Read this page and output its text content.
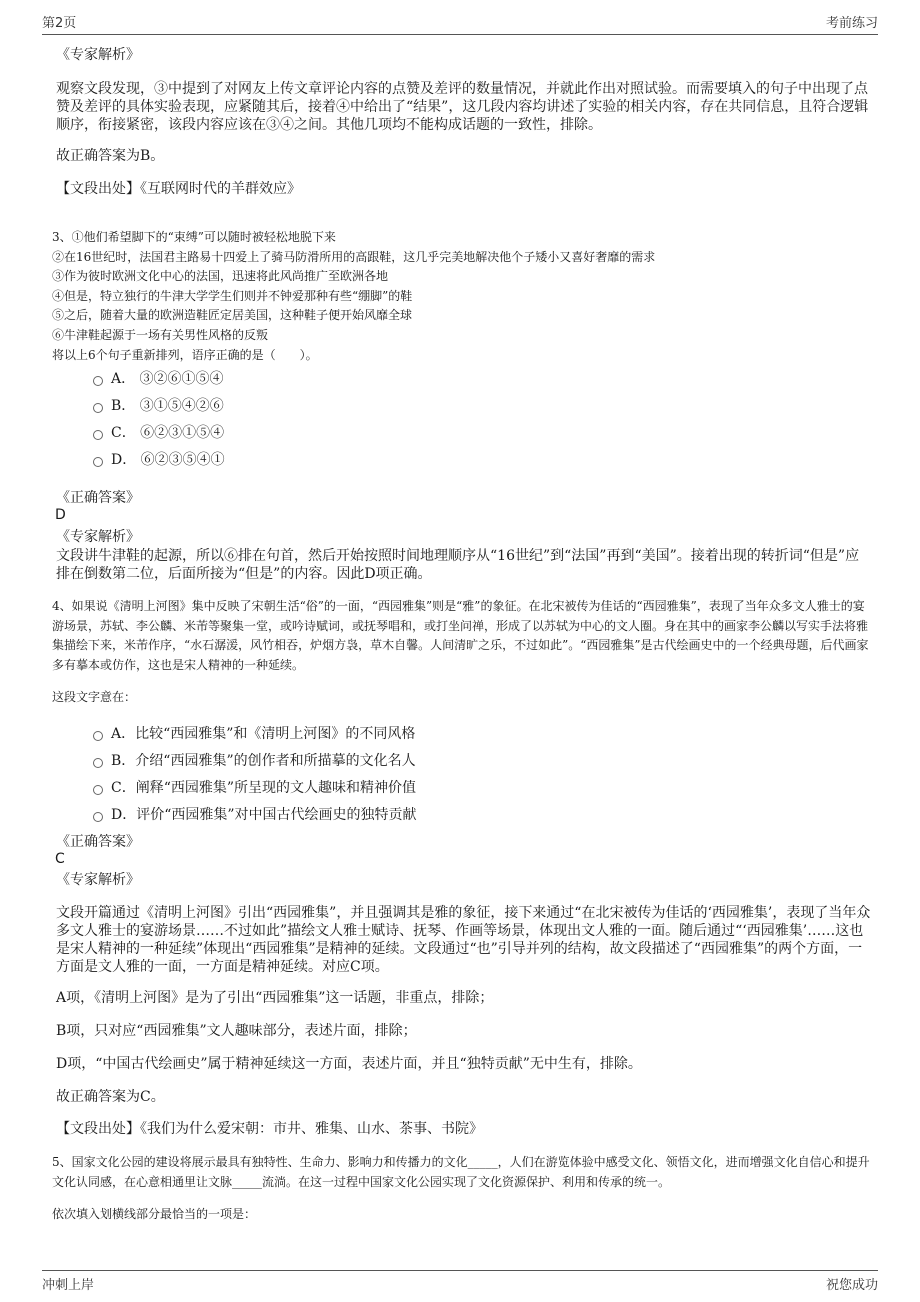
第2页	考前练习

《专家解析》

观察文段发现，③中提到了对网友上传文章评论内容的点赞及差评的数量情况，并就此作出对照试验。而需要填入的句子中出现了点赞及差评的具体实验表现，应紧随其后，接着④中给出了“结果”，这几段内容均讲述了实验的相关内容，存在共同信息，且符合逻辑顺序，衔接紧密，该段内容应该在③④之间。其他几项均不能构成话题的一致性，排除。

故正确答案为B。

【文段出处】《互联网时代的羊群效应》

3、①他们希望脚下的“束缚”可以随时被轻松地脱下来
②在16世纪时，法国君主路易十四爱上了骑马防滑所用的高跟鞋，这几乎完美地解决他个子矮小又喜好奢靡的需求
③作为彼时欧洲文化中心的法国，迅速将此风尚推广至欧洲各地
④但是，特立独行的牛津大学学生们则并不钟爱那种有些“绷脚”的鞋
⑤之后，随着大量的欧洲造鞋匠定居美国，这种鞋子便开始风靡全球
⑥牛津鞋起源于一场有关男性风格的反叛
将以上6个句子重新排列，语序正确的是（　　）。
A． ③②⑥①⑤④
B． ③①⑤④②⑥
C． ⑥②③①⑤④
D． ⑥②③⑤④①

《正确答案》

D

《专家解析》

文段讲牛津鞋的起源，所以⑥排在句首，然后开始按照时间地理顺序从“16世纪”到“法国”再到“美国”。接着出现的转折词“但是”应排在倒数第二位，后面所接为“但是”的内容。因此D项正确。

4、如果说《清明上河图》集中反映了宋朝生活“俗”的一面，“西园雅集”则是“雅”的象征。在北宋被传为佳话的“西园雅集”，表现了当年众多文人雅士的宴游场景，苏轼、李公麟、米芾等聚集一堂，或吟诗赋词，或抚琴唱和，或打坐问禅，形成了以苏轼为中心的文人圈。身在其中的画家李公麟以写实手法将雅集描绘下来，米芾作序，“水石潺湲，风竹相吞，炉烟方袅，草木自馨。人间清旷之乐，不过如此”。“西园雅集”是古代绘画史中的一个经典母题，后代画家多有摹本或仿作，这也是宋人精神的一种延续。

这段文字意在：

A．比较“西园雅集”和《清明上河图》的不同风格
B．介绍“西园雅集”的创作者和所描摹的文化名人
C．阐释“西园雅集”所呈现的文人趣味和精神价值
D．评价“西园雅集”对中国古代绘画史的独特贡献

《正确答案》

C

《专家解析》

文段开篇通过《清明上河图》引出“西园雅集”，并且强调其是雅的象征，接下来通过“在北宋被传为佳话的‘西园雅集’，表现了当年众多文人雅士的宴游场景……不过如此”描绘文人雅士赋诗、抚琴、作画等场景，体现出文人雅的一面。随后通过“‘西园雅集’……这也是宋人精神的一种延续”体现出“西园雅集”是精神的延续。文段通过“也”引导并列的结构，故文段描述了“西园雅集”的两个方面，一方面是文人雅的一面，一方面是精神延续。对应C项。

A项，《清明上河图》是为了引出“西园雅集”这一话题，非重点，排除；

B项，只对应“西园雅集”文人趣味部分，表述片面，排除；

D项，“中国古代绘画史”属于精神延续这一方面，表述片面，并且“独特贡献”无中生有，排除。

故正确答案为C。

【文段出处】《我们为什么爱宋朝：市井、雅集、山水、茶事、书院》

5、国家文化公园的建设将展示最具有独特性、生命力、影响力和传播力的文化_____，人们在游览体验中感受文化、领悟文化，进而增强文化自信心和提升文化认同感，在心意相通里让文脉_____流淌。在这一过程中国家文化公园实现了文化资源保护、利用和传承的统一。

依次填入划横线部分最恰当的一项是：

冲刺上岸	祝您成功
